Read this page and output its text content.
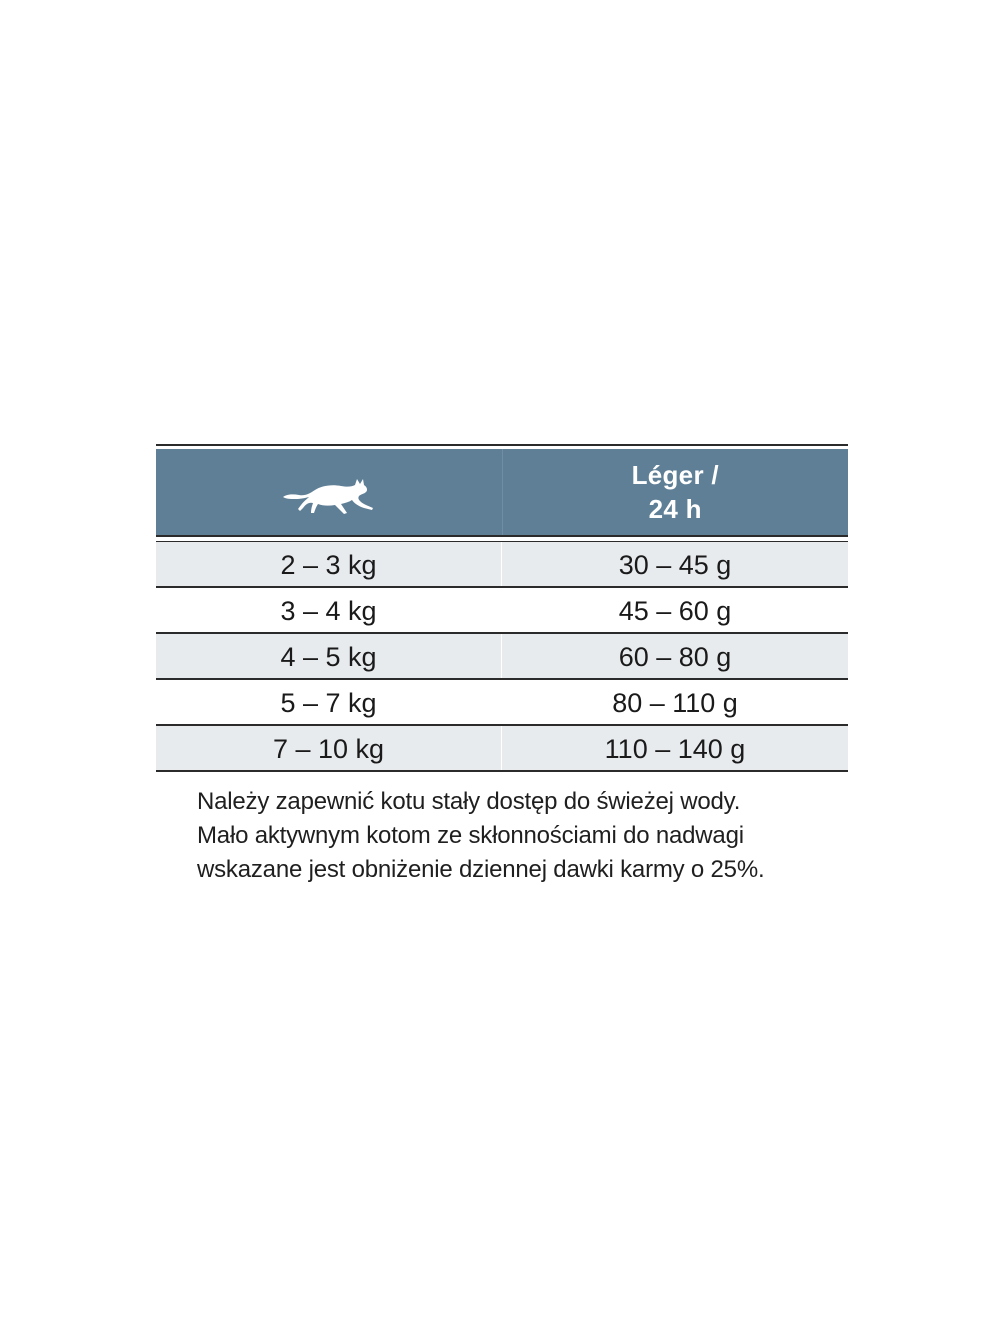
Léger /
24 h
2 – 3 kg	30 – 45 g
3 – 4 kg	45 – 60 g
4 – 5 kg	60 – 80 g
5 – 7 kg	80 – 110 g
7 – 10 kg	110 – 140 g
Należy zapewnić kotu stały dostęp do świeżej wody.
Mało aktywnym kotom ze skłonnościami do nadwagi
wskazane jest obniżenie dziennej dawki karmy o 25%.
